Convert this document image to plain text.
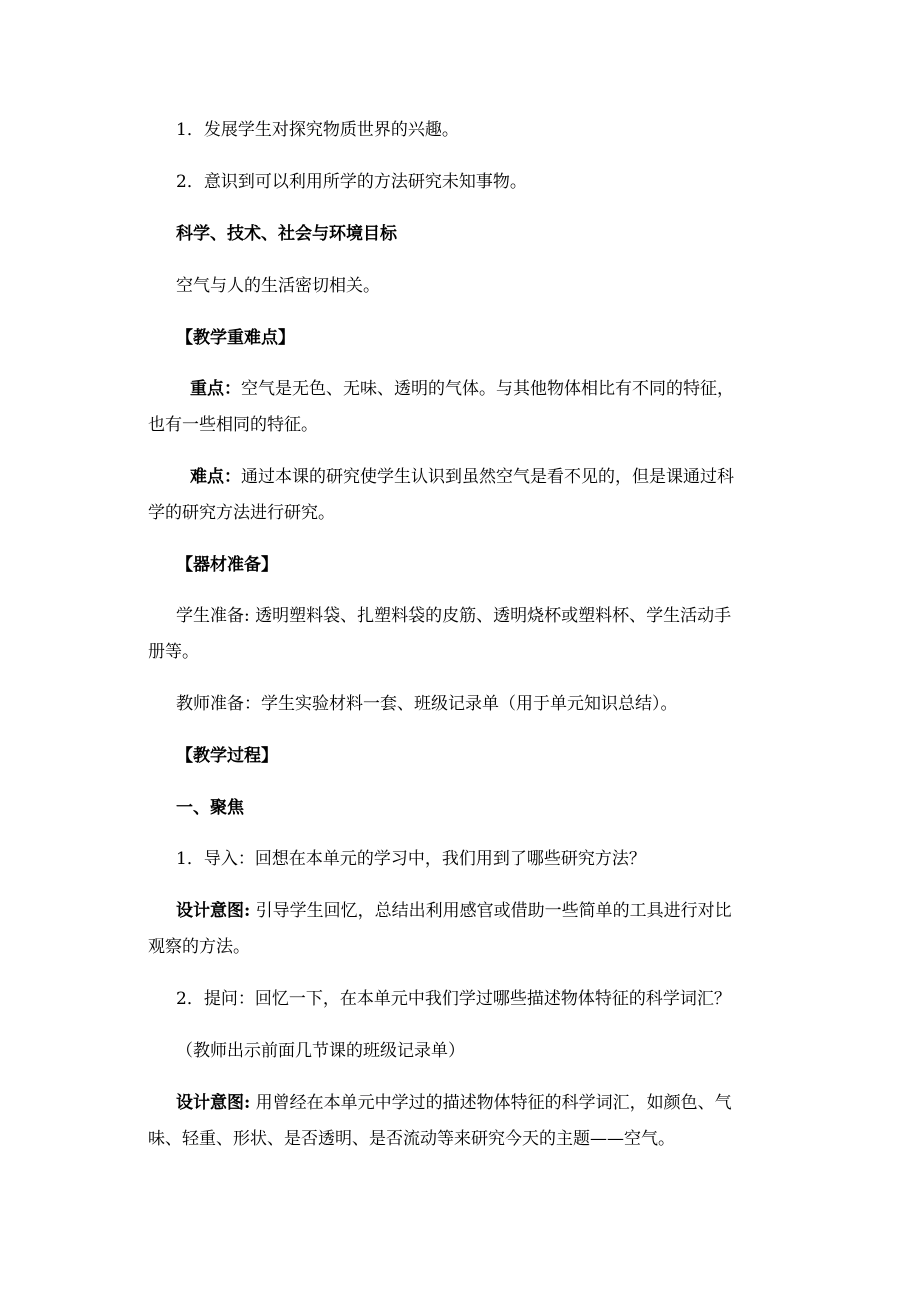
1．发展学生对探究物质世界的兴趣。
2．意识到可以利用所学的方法研究未知事物。
科学、技术、社会与环境目标
空气与人的生活密切相关。
【教学重难点】
重点：空气是无色、无味、透明的气体。与其他物体相比有不同的特征，
也有一些相同的特征。
难点：通过本课的研究使学生认识到虽然空气是看不见的，但是课通过科
学的研究方法进行研究。
【器材准备】
学生准备: 透明塑料袋、扎塑料袋的皮筋、透明烧杯或塑料杯、学生活动手
册等。
教师准备：学生实验材料一套、班级记录单（用于单元知识总结）。
【教学过程】
一、聚焦
1．导入：回想在本单元的学习中，我们用到了哪些研究方法？
设计意图: 引导学生回忆，总结出利用感官或借助一些简单的工具进行对比
观察的方法。
2．提问：回忆一下，在本单元中我们学过哪些描述物体特征的科学词汇？
（教师出示前面几节课的班级记录单）
设计意图: 用曾经在本单元中学过的描述物体特征的科学词汇，如颜色、气
味、轻重、形状、是否透明、是否流动等来研究今天的主题——空气。
